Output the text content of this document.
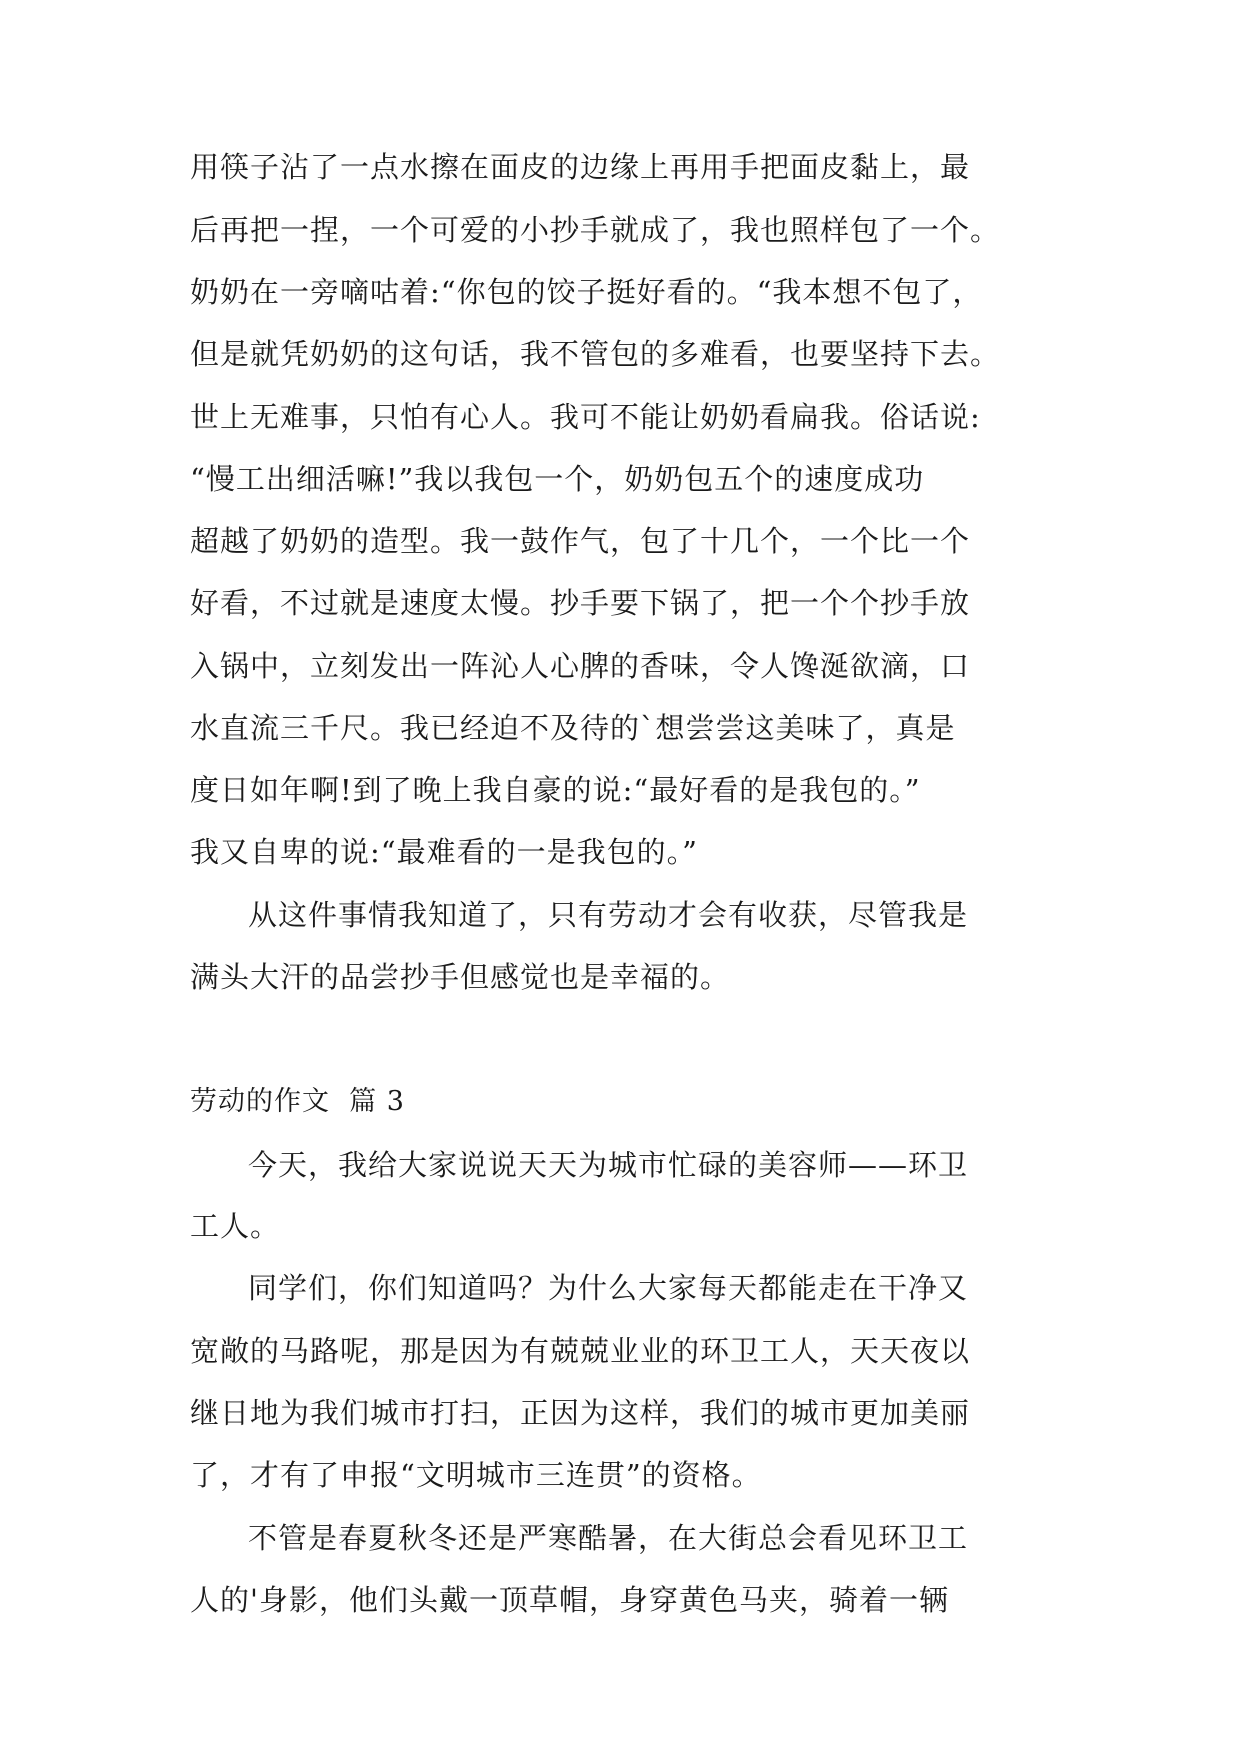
用筷子沾了一点水擦在面皮的边缘上再用手把面皮黏上，最
后再把一捏，一个可爱的小抄手就成了，我也照样包了一个。
奶奶在一旁嘀咕着:“你包的饺子挺好看的。“我本想不包了，
但是就凭奶奶的这句话，我不管包的多难看，也要坚持下去。
世上无难事，只怕有心人。我可不能让奶奶看扁我。俗话说:
“慢工出细活嘛!”我以我包一个，奶奶包五个的速度成功
超越了奶奶的造型。我一鼓作气，包了十几个，一个比一个
好看，不过就是速度太慢。抄手要下锅了，把一个个抄手放
入锅中，立刻发出一阵沁人心脾的香味，令人馋涎欲滴，口
水直流三千尺。我已经迫不及待的`想尝尝这美味了，真是
度日如年啊!到了晚上我自豪的说:“最好看的是我包的。”
我又自卑的说:“最难看的一是我包的。”
从这件事情我知道了，只有劳动才会有收获，尽管我是
满头大汗的品尝抄手但感觉也是幸福的。
劳动的作文  篇 3
今天，我给大家说说天天为城市忙碌的美容师——环卫
工人。
同学们，你们知道吗？为什么大家每天都能走在干净又
宽敞的马路呢，那是因为有兢兢业业的环卫工人，天天夜以
继日地为我们城市打扫，正因为这样，我们的城市更加美丽
了，才有了申报“文明城市三连贯”的资格。
不管是春夏秋冬还是严寒酷暑，在大街总会看见环卫工
人的'身影，他们头戴一顶草帽，身穿黄色马夹，骑着一辆
